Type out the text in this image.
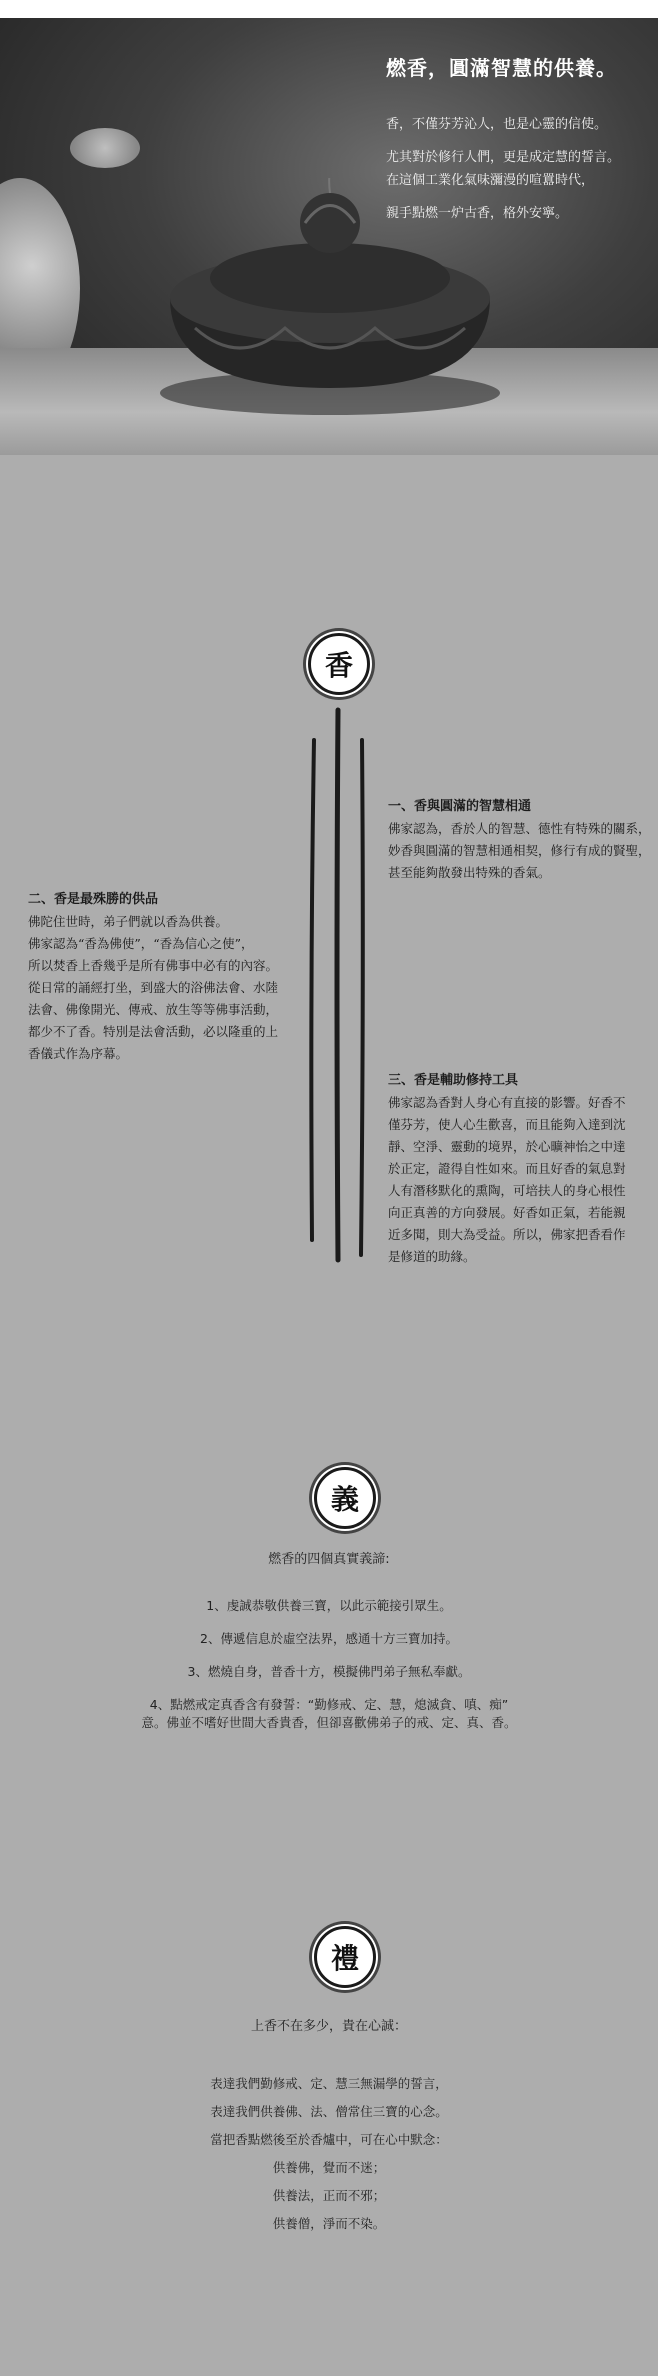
燃香，圓滿智慧的供養。

香，不僅芬芳沁人，也是心靈的信使。

尤其對於修行人們，更是成定慧的誓言。

在這個工業化氣味瀰漫的喧囂時代，

親手點燃一炉古香，格外安寧。

香

一、香與圓滿的智慧相通

佛家認為，香於人的智慧、德性有特殊的關系，

妙香與圓滿的智慧相通相契，修行有成的賢聖，

甚至能夠散發出特殊的香氣。

二、香是最殊勝的供品

佛陀住世時，弟子們就以香為供養。

佛家認為“香為佛使”，“香為信心之使”，

所以焚香上香幾乎是所有佛事中必有的內容。

從日常的誦經打坐，到盛大的浴佛法會、水陸

法會、佛像開光、傳戒、放生等等佛事活動，

都少不了香。特別是法會活動，必以隆重的上

香儀式作為序幕。

三、香是輔助修持工具

佛家認為香對人身心有直接的影響。好香不

僅芬芳，使人心生歡喜，而且能夠入達到沈

靜、空淨、靈動的境界，於心曠神怡之中達

於正定，證得自性如來。而且好香的氣息對

人有潛移默化的熏陶，可培扶人的身心根性

向正真善的方向發展。好香如正氣，若能親

近多聞，則大為受益。所以，佛家把香看作

是修道的助緣。

義

燃香的四個真實義諦:

1、虔誠恭敬供養三寶，以此示範接引眾生。

2、傳遞信息於虛空法界，感通十方三寶加持。

3、燃燒自身，普香十方，模擬佛門弟子無私奉獻。

4、點燃戒定真香含有發誓：“勤修戒、定、慧，熄滅貪、嗔、痴”

意。佛並不嗜好世間大香貴香，但卻喜歡佛弟子的戒、定、真、香。

禮

上香不在多少，貴在心誠：

表達我們勤修戒、定、慧三無漏學的誓言，

表達我們供養佛、法、僧常住三寶的心念。

當把香點燃後至於香爐中，可在心中默念：

供養佛，覺而不迷；

供養法，正而不邪；

供養僧，淨而不染。
